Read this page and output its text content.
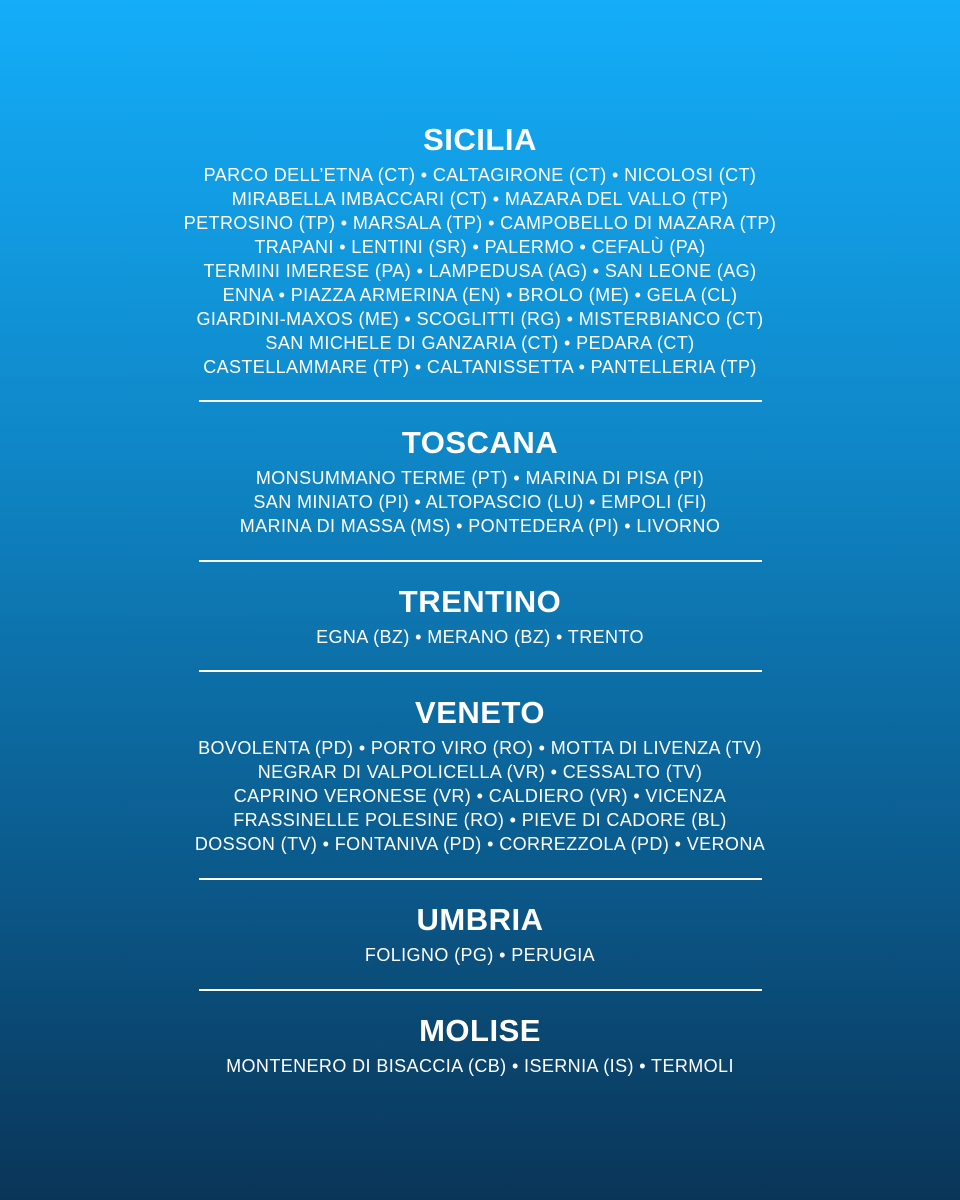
SICILIA
PARCO DELL’ETNA (CT) • CALTAGIRONE (CT) • NICOLOSI (CT)
MIRABELLA IMBACCARI (CT) • MAZARA DEL VALLO (TP)
PETROSINO (TP) • MARSALA (TP) • CAMPOBELLO DI MAZARA (TP)
TRAPANI • LENTINI (SR) • PALERMO • CEFALÙ (PA)
TERMINI IMERESE (PA) • LAMPEDUSA (AG) • SAN LEONE (AG)
ENNA • PIAZZA ARMERINA (EN) • BROLO (ME) • GELA (CL)
GIARDINI-MAXOS (ME) • SCOGLITTI (RG) • MISTERBIANCO (CT)
SAN MICHELE DI GANZARIA (CT) • PEDARA (CT)
CASTELLAMMARE (TP) • CALTANISSETTA • PANTELLERIA (TP)
TOSCANA
MONSUMMANO TERME (PT) • MARINA DI PISA (PI)
SAN MINIATO (PI) • ALTOPASCIO (LU) • EMPOLI (FI)
MARINA DI MASSA (MS) • PONTEDERA (PI) • LIVORNO
TRENTINO
EGNA (BZ) • MERANO (BZ) • TRENTO
VENETO
BOVOLENTA (PD) • PORTO VIRO (RO) • MOTTA DI LIVENZA (TV)
NEGRAR DI VALPOLICELLA (VR) • CESSALTO (TV)
CAPRINO VERONESE (VR) • CALDIERO (VR) • VICENZA
FRASSINELLE POLESINE (RO) • PIEVE DI CADORE (BL)
DOSSON (TV) • FONTANIVA (PD) • CORREZZOLA (PD) • VERONA
UMBRIA
FOLIGNO (PG) • PERUGIA
MOLISE
MONTENERO DI BISACCIA (CB) • ISERNIA (IS) • TERMOLI
